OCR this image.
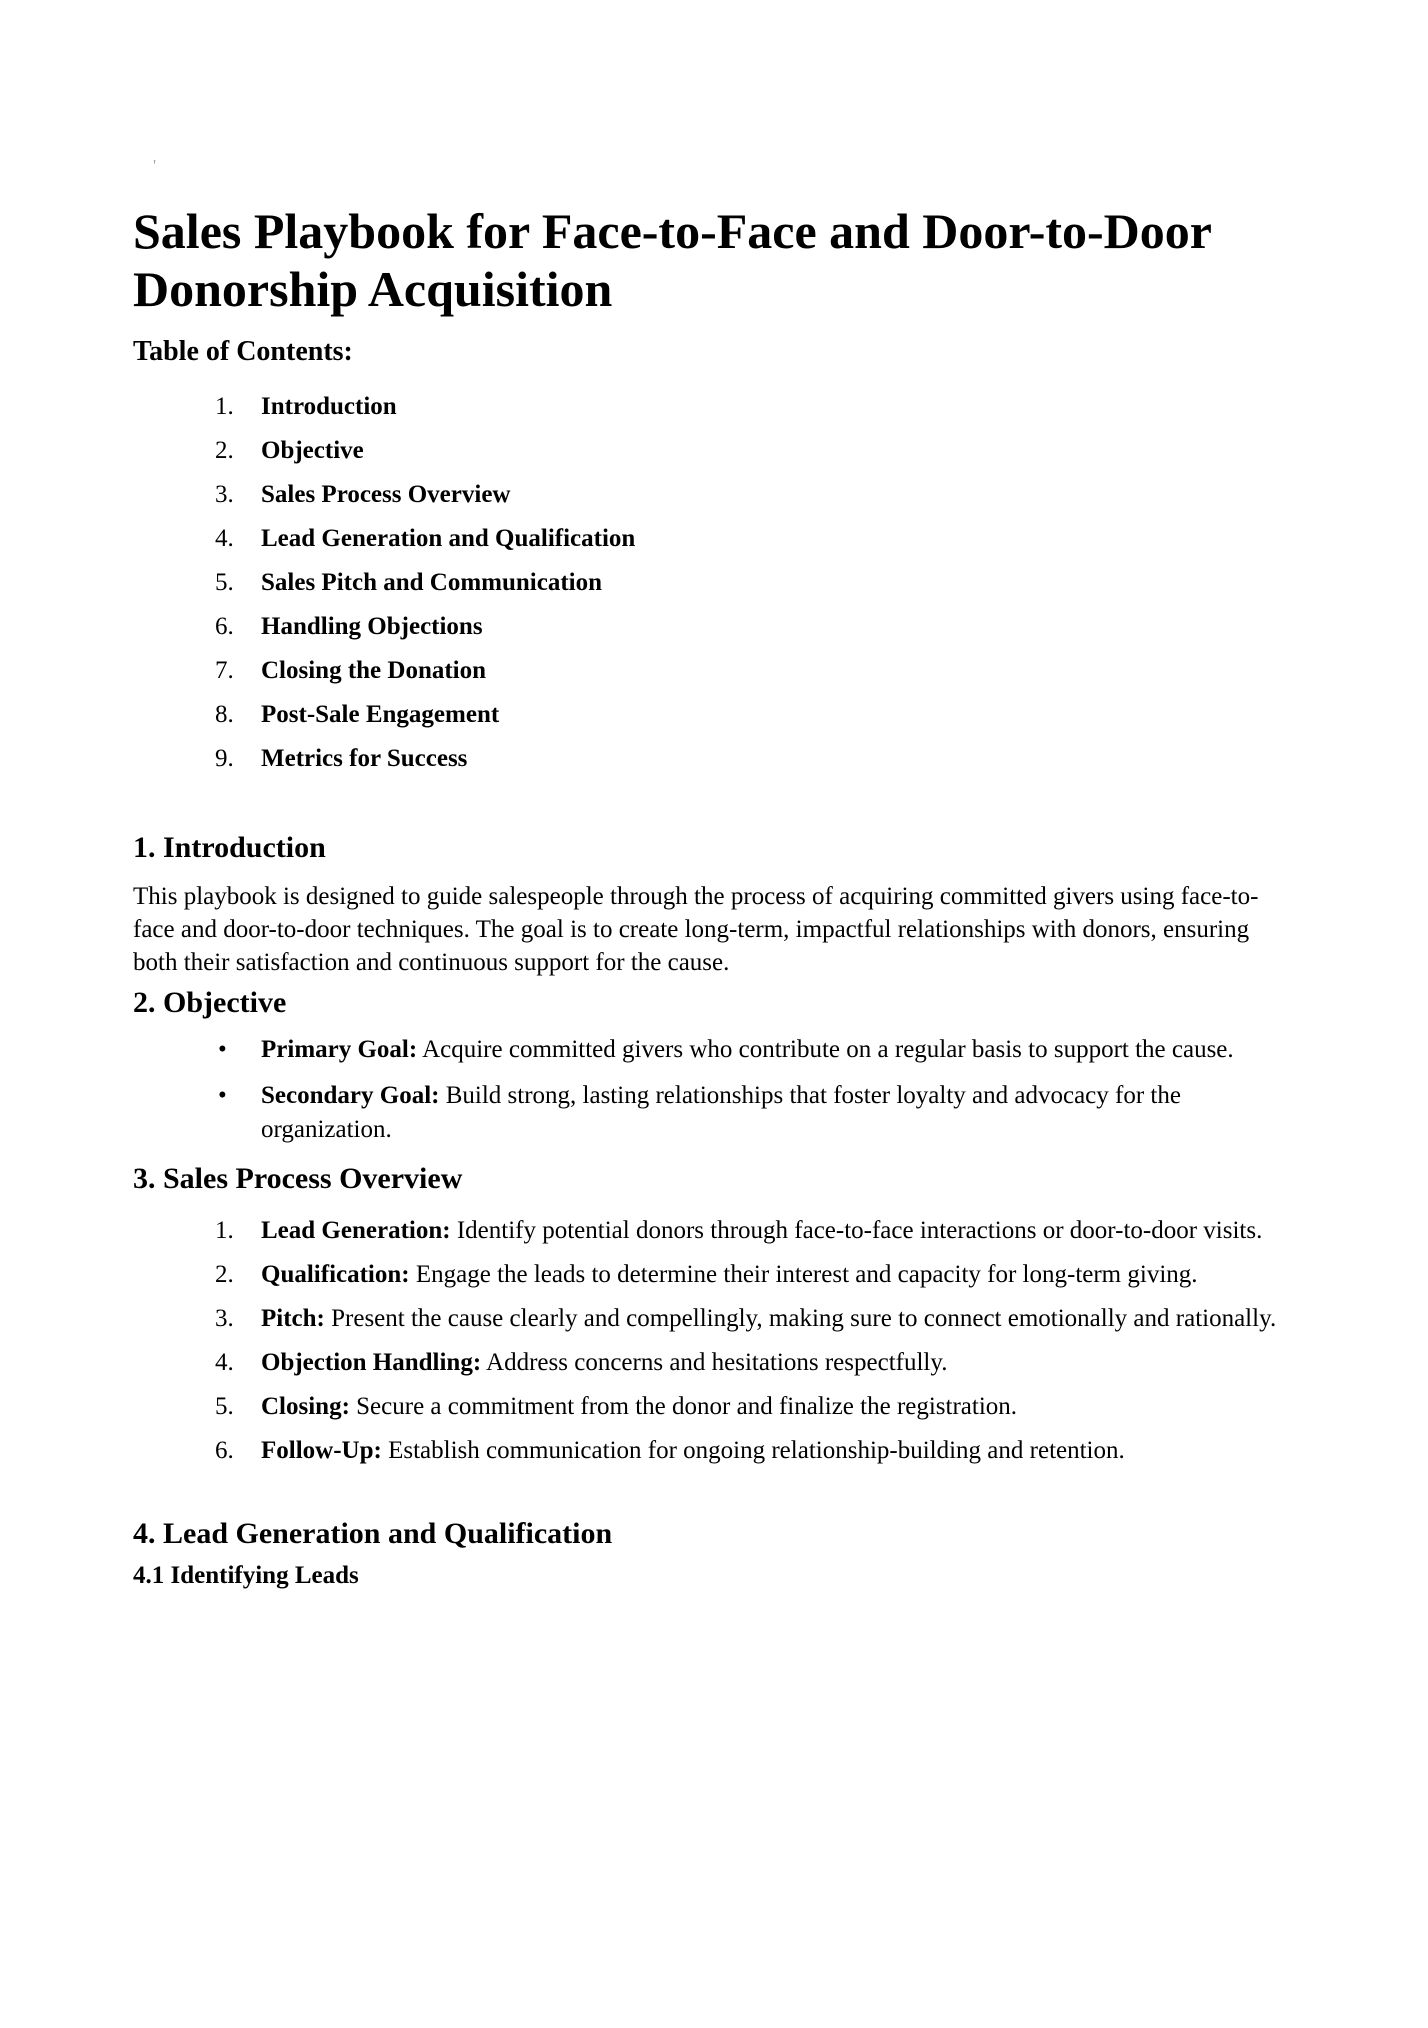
'
Sales Playbook for Face-to-Face and Door-to-Door Donorship Acquisition
Table of Contents:
1. Introduction
2. Objective
3. Sales Process Overview
4. Lead Generation and Qualification
5. Sales Pitch and Communication
6. Handling Objections
7. Closing the Donation
8. Post-Sale Engagement
9. Metrics for Success
1. Introduction

This playbook is designed to guide salespeople through the process of acquiring committed givers using face-to-face and door-to-door techniques. The goal is to create long-term, impactful relationships with donors, ensuring both their satisfaction and continuous support for the cause.

2. Objective
• Primary Goal: Acquire committed givers who contribute on a regular basis to support the cause.
• Secondary Goal: Build strong, lasting relationships that foster loyalty and advocacy for the organization.
3. Sales Process Overview
1. Lead Generation: Identify potential donors through face-to-face interactions or door-to-door visits.
2. Qualification: Engage the leads to determine their interest and capacity for long-term giving.
3. Pitch: Present the cause clearly and compellingly, making sure to connect emotionally and rationally.
4. Objection Handling: Address concerns and hesitations respectfully.
5. Closing: Secure a commitment from the donor and finalize the registration.
6. Follow-Up: Establish communication for ongoing relationship-building and retention.
4. Lead Generation and Qualification
4.1 Identifying Leads
